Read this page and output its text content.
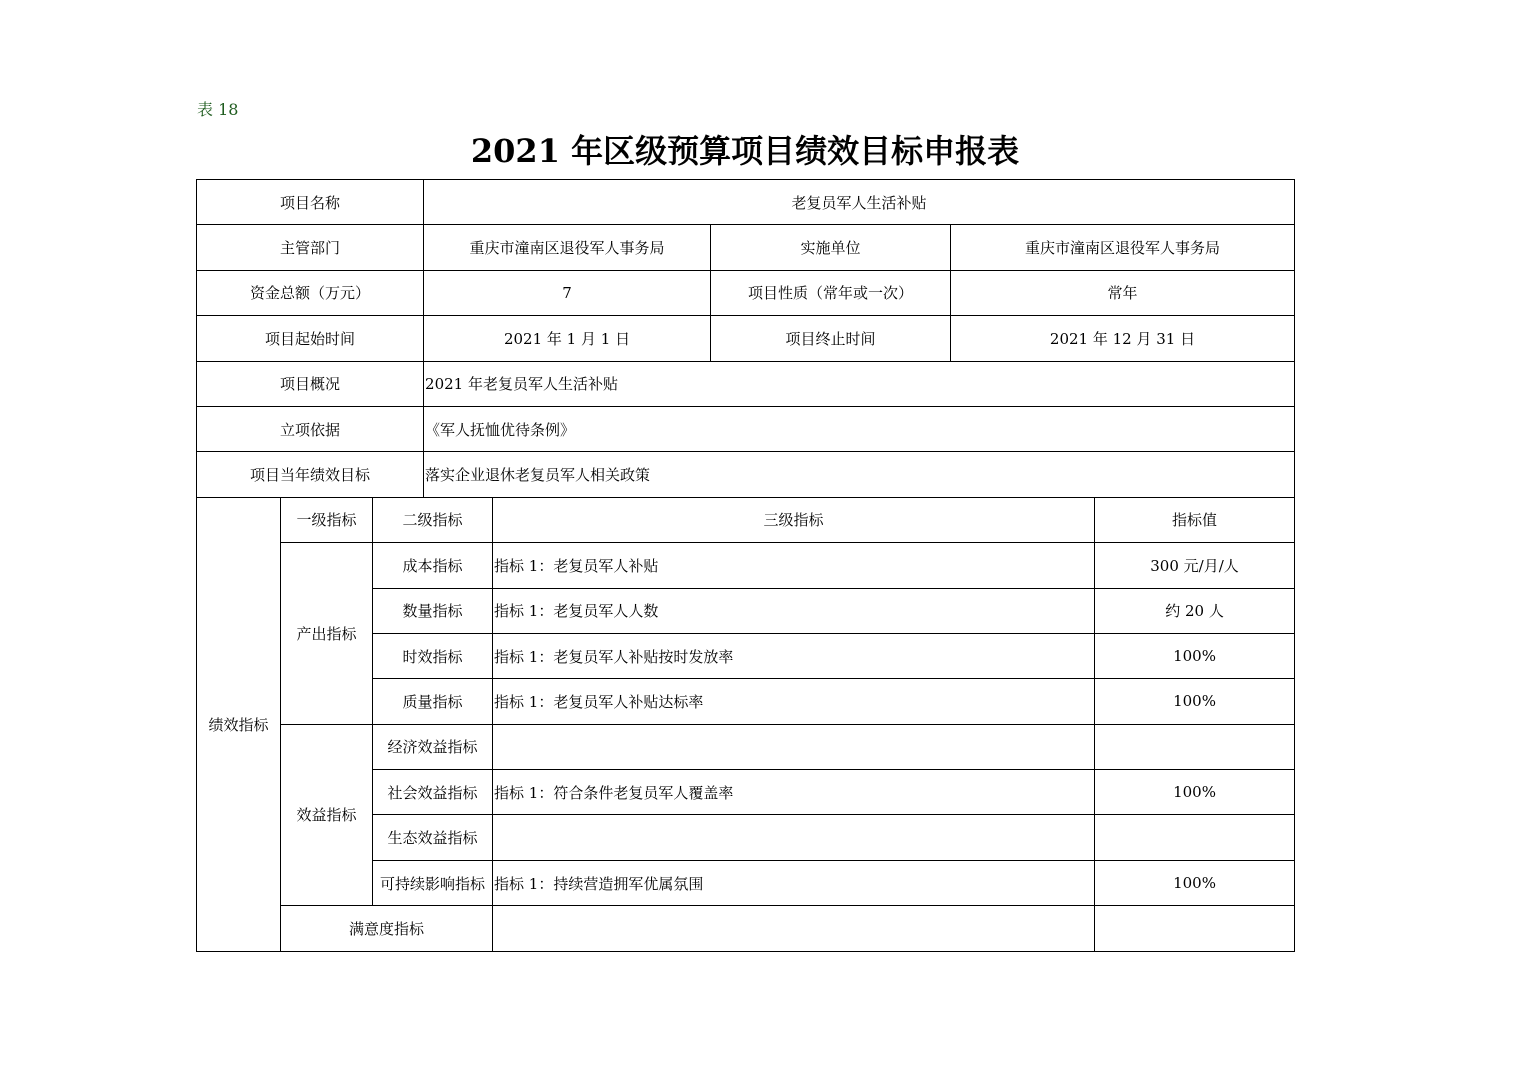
表 18
2021 年区级预算项目绩效目标申报表
项目名称			老复员军人生活补贴				
主管部门			重庆市潼南区退役军人事务局		实施单位	重庆市潼南区退役军人事务局	
资金总额（万元）			7		项目性质（常年或一次）	常年	
项目起始时间			2021 年 1 月 1 日		项目终止时间	2021 年 12 月 31 日	
项目概况			2021 年老复员军人生活补贴				
立项依据			《军人抚恤优待条例》				
项目当年绩效目标			落实企业退休老复员军人相关政策				
绩效指标	一级指标	二级指标		三级指标			指标值
	产出指标	成本指标		指标 1：老复员军人补贴			300 元/月/人
		数量指标		指标 1：老复员军人人数			约 20 人
		时效指标		指标 1：老复员军人补贴按时发放率			100%
		质量指标		指标 1：老复员军人补贴达标率			100%
	效益指标	经济效益指标					
		社会效益指标		指标 1：符合条件老复员军人覆盖率			100%
		生态效益指标					
		可持续影响指标		指标 1：持续营造拥军优属氛围			100%
	满意度指标						
